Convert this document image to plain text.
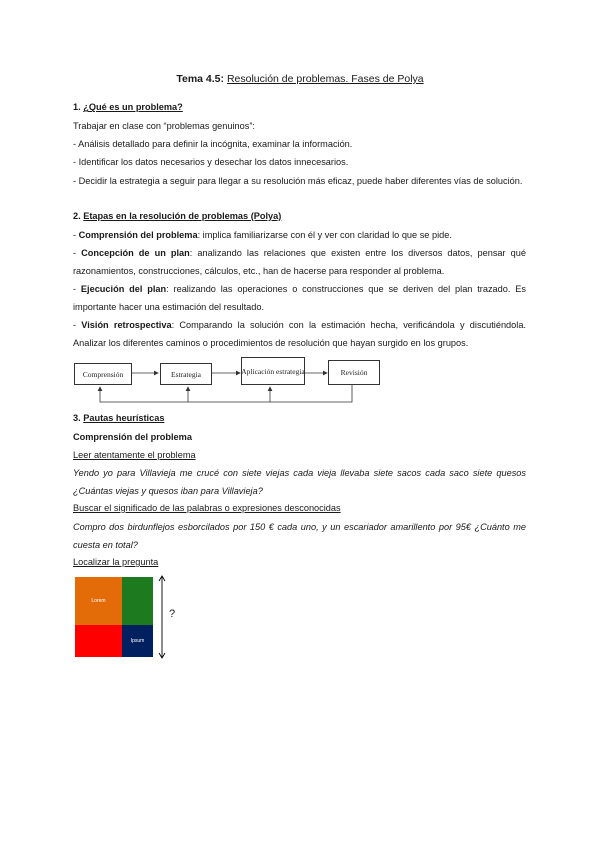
Tema 4.5: Resolución de problemas. Fases de Polya
1. ¿Qué es un problema?
Trabajar en clase con “problemas genuinos”:
- Análisis detallado para definir la incógnita, examinar la información.
- Identificar los datos necesarios y desechar los datos innecesarios.
- Decidir la estrategia a seguir para llegar a su resolución más eficaz, puede haber diferentes vías de solución.
2. Etapas en la resolución de problemas (Polya)
- Comprensión del problema: implica familiarizarse con él y ver con claridad lo que se pide.
- Concepción de un plan: analizando las relaciones que existen entre los diversos datos, pensar qué razonamientos, construcciones, cálculos, etc., han de hacerse para responder al problema.
- Ejecución del plan: realizando las operaciones o construcciones que se deriven del plan trazado. Es importante hacer una estimación del resultado.
- Visión retrospectiva: Comparando la solución con la estimación hecha, verificándola y discutiéndola. Analizar los diferentes caminos o procedimientos de resolución que hayan surgido en los grupos.
Comprensión	Estrategia	Aplicación estrategia	Revisión
3. Pautas heurísticas
Comprensión del problema
Leer atentamente el problema
Yendo yo para Villavieja me crucé con siete viejas cada vieja llevaba siete sacos cada saco siete quesos ¿Cuántas viejas y quesos iban para Villavieja?
Buscar el significado de las palabras o expresiones desconocidas
Compro dos birdunflejos esborcilados por 150 € cada uno, y un escariador amarillento por 95€ ¿Cuánto me cuesta en total?
Localizar la pregunta
Lorem
Ipsum
?
